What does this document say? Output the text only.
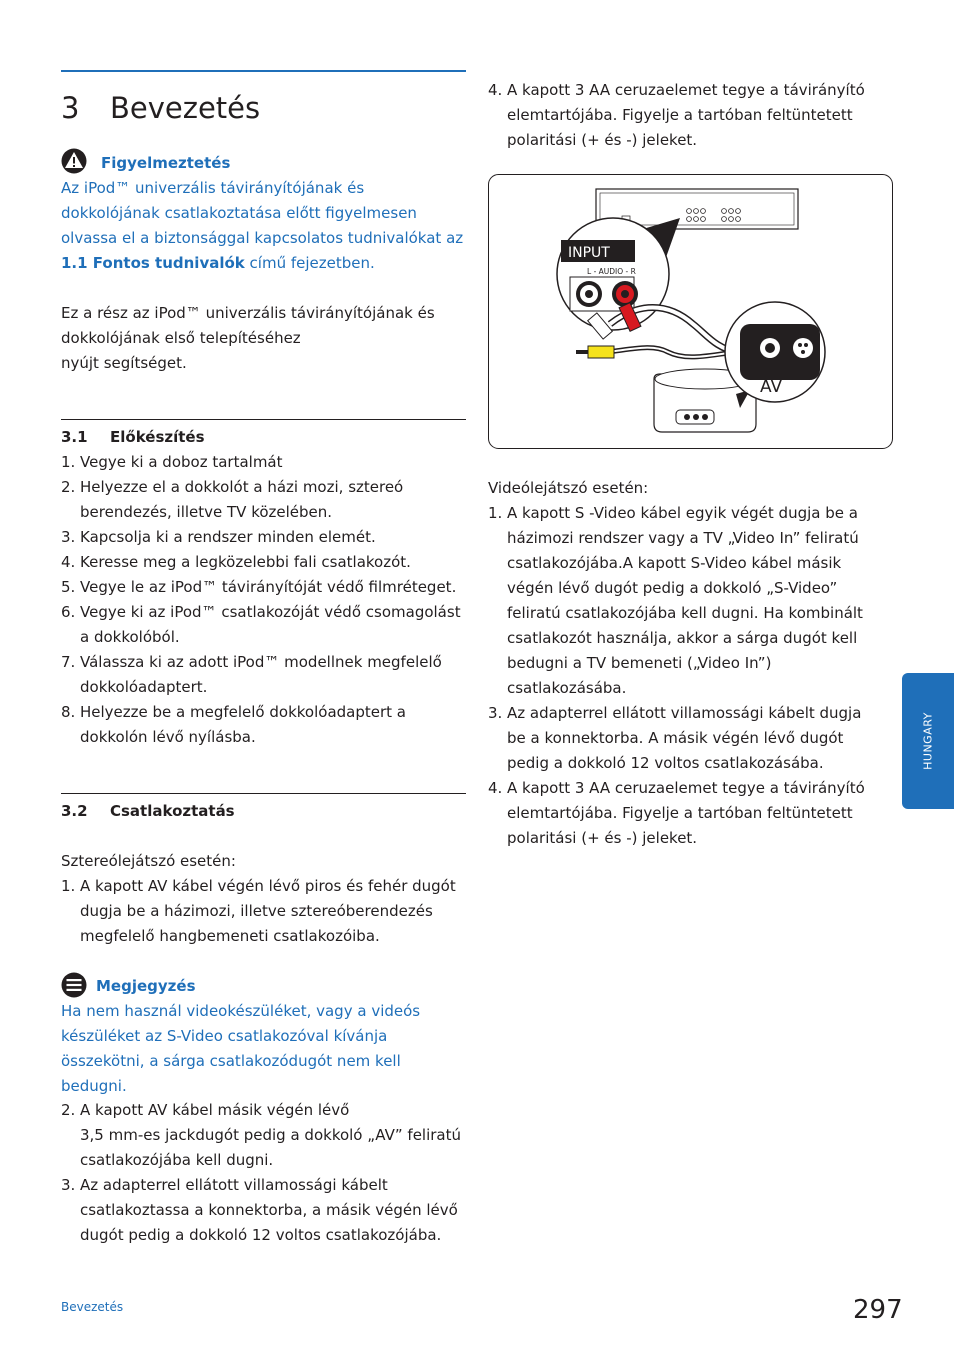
3 Bevezetés
Figyelmeztetés
Az iPod™ univerzális távirányítójának és dokkolójának csatlakoztatása előtt figyelmesen olvassa el a biztonsággal kapcsolatos tudnivalókat az 1.1 Fontos tudnivalók című fejezetben.
Ez a rész az iPod™ univerzális távirányítójának és
dokkolójának első telepítéséhez
nyújt segítséget.
3.1 Előkészítés
1. Vegye ki a doboz tartalmát
2. Helyezze el a dokkolót a házi mozi, sztereó berendezés, illetve TV közelében.
3. Kapcsolja ki a rendszer minden elemét.
4. Keresse meg a legközelebbi fali csatlakozót.
5. Vegye le az iPod™ távirányítóját védő filmréteget.
6. Vegye ki az iPod™ csatlakozóját védő csomagolást a dokkolóból.
7. Válassza ki az adott iPod™ modellnek megfelelő dokkolóadaptert.
8. Helyezze be a megfelelő dokkolóadaptert a dokkolón lévő nyílásba.
3.2 Csatlakoztatás
Sztereólejátszó esetén:
1. A kapott AV kábel végén lévő piros és fehér dugót dugja be a házimozi, illetve sztereóberendezés megfelelő hangbemeneti csatlakozóiba.
Megjegyzés
Ha nem használ videokészüléket, vagy a videós készüléket az S-Video csatlakozóval kívánja összekötni, a sárga csatlakozódugót nem kell bedugni.
2. A kapott AV kábel másik végén lévő
3,5 mm-es jackdugót pedig a dokkoló „AV” feliratú
csatlakozójába kell dugni.
3. Az adapterrel ellátott villamossági kábelt
csatlakoztassa a konnektorba, a másik végén lévő
dugót pedig a dokkoló 12 voltos csatlakozójába.
4. A kapott 3 AA ceruzaelemet tegye a távirányító elemtartójába. Figyelje a tartóban feltüntetett polaritási (+ és -) jeleket.
INPUT
L - AUDIO - R
AV
Videólejátszó esetén:
1. A kapott S -Video kábel egyik végét dugja be a házimozi rendszer vagy a TV „Video In” feliratú csatlakozójába.A kapott S-Video kábel másik végén lévő dugót pedig a dokkoló „S-Video” feliratú csatlakozójába kell dugni. Ha kombinált csatlakozót használja, akkor a sárga dugót kell bedugni a TV bemeneti („Video In”) csatlakozásába.
3. Az adapterrel ellátott villamossági kábelt dugja be a konnektorba. A másik végén lévő dugót pedig a dokkoló 12 voltos csatlakozásába.
4. A kapott 3 AA ceruzaelemet tegye a távirányító elemtartójába. Figyelje a tartóban feltüntetett polaritási (+ és -) jeleket.
HUNGARY
Bevezetés	297
